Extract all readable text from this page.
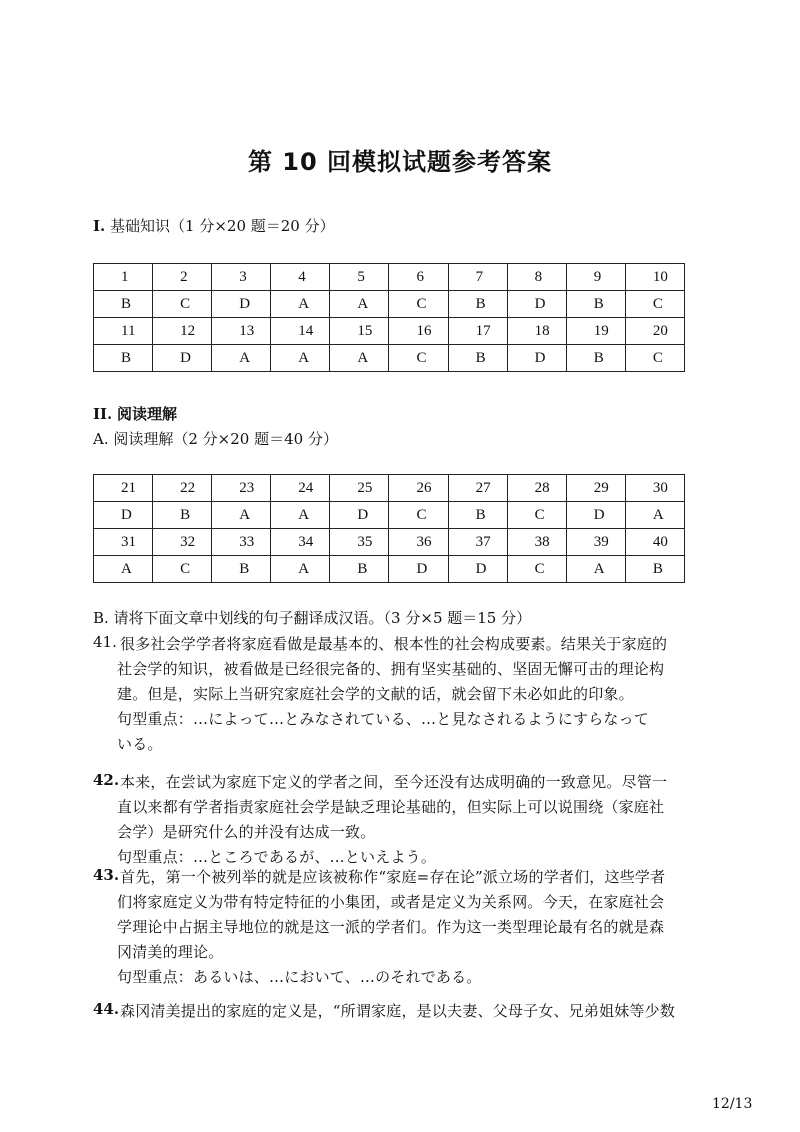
第 10 回模拟试题参考答案
I. 基础知识（1 分×20 题＝20 分）
1	2	3	4	5	6	7	8	9	10
B	C	D	A	A	C	B	D	B	C
11	12	13	14	15	16	17	18	19	20
B	D	A	A	A	C	B	D	B	C
II. 阅读理解
A. 阅读理解（2 分×20 题＝40 分）
21	22	23	24	25	26	27	28	29	30
D	B	A	A	D	C	B	C	D	A
31	32	33	34	35	36	37	38	39	40
A	C	B	A	B	D	D	C	A	B
B. 请将下面文章中划线的句子翻译成汉语。（3 分×5 题＝15 分）
41. 很多社会学学者将家庭看做是最基本的、根本性的社会构成要素。结果关于家庭的
社会学的知识，被看做是已经很完备的、拥有坚实基础的、坚固无懈可击的理论构
建。但是，实际上当研究家庭社会学的文献的话，就会留下未必如此的印象。
句型重点：…によって…とみなされている、…と見なされるようにすらなって
いる。
42. 本来，在尝试为家庭下定义的学者之间，至今还没有达成明确的一致意见。尽管一
直以来都有学者指责家庭社会学是缺乏理论基础的，但实际上可以说围绕（家庭社
会学）是研究什么的并没有达成一致。
句型重点：…ところであるが、…といえよう。
43. 首先，第一个被列举的就是应该被称作“家庭=存在论”派立场的学者们，这些学者
们将家庭定义为带有特定特征的小集团，或者是定义为关系网。今天，在家庭社会
学理论中占据主导地位的就是这一派的学者们。作为这一类型理论最有名的就是森
冈清美的理论。
句型重点：あるいは、…において、…のそれである。
44. 森冈清美提出的家庭的定义是，“所谓家庭，是以夫妻、父母子女、兄弟姐妹等少数
12/13
